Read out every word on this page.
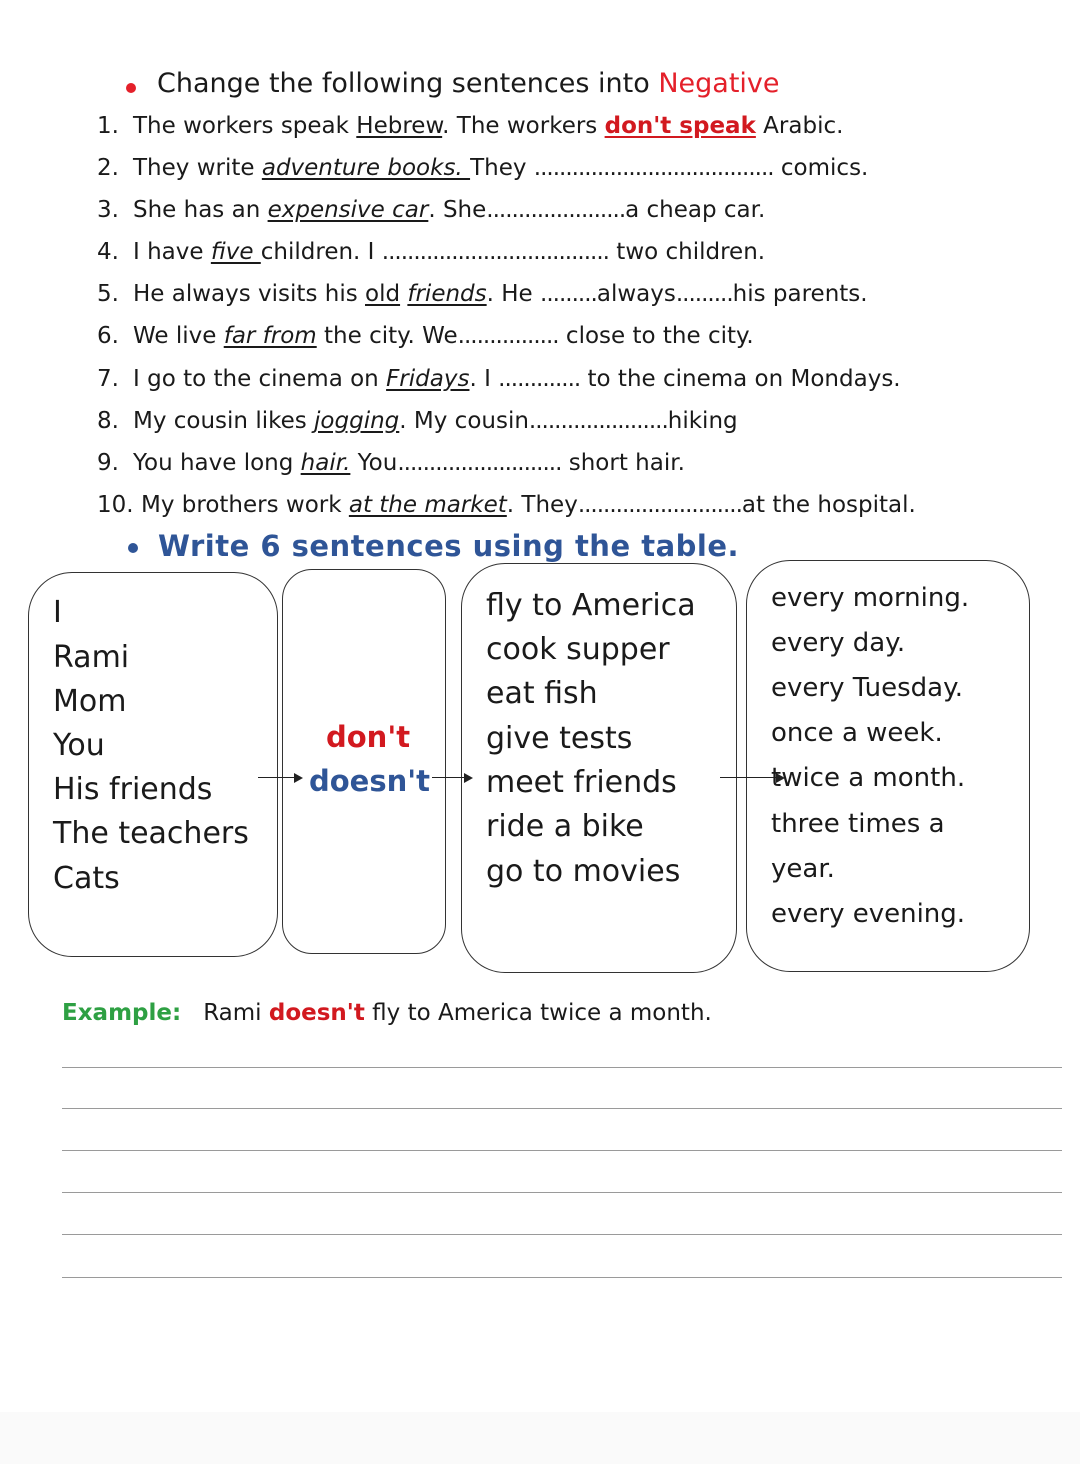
Change the following sentences into Negative
1. The workers speak Hebrew. The workers don't speak Arabic.
2. They write adventure books. They ...................................... comics.
3. She has an expensive car. She......................a cheap car.
4. I have five children. I .................................... two children.
5. He always visits his old friends. He .........always.........his parents.
6. We live far from the city. We................ close to the city.
7. I go to the cinema on Fridays. I ............. to the cinema on Mondays.
8. My cousin likes jogging. My cousin......................hiking
9. You have long hair. You.......................... short hair.
10. My brothers work at the market. They..........................at the hospital.
Write 6 sentences using the table.
I
Rami
Mom
You
His friends
The teachers
Cats
don't
doesn't
fly to America
cook supper
eat fish
give tests
meet friends
ride a bike
go to movies
every morning.
every day.
every Tuesday.
once a week.
twice a month.
three times a
year.
every evening.
Example: Rami doesn't fly to America twice a month.
